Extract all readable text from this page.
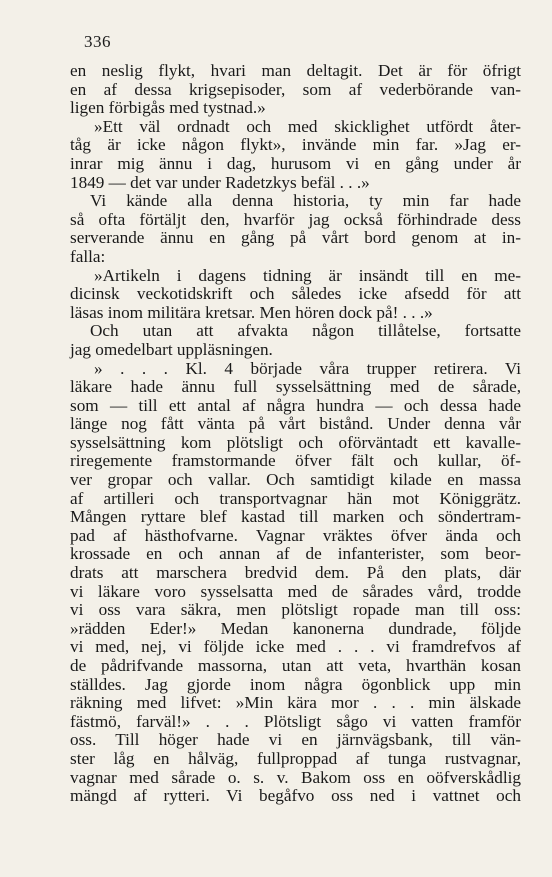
336
en neslig flykt, hvari man deltagit. Det är för öfrigt
en af dessa krigsepisoder, som af vederbörande van-
ligen förbigås med tystnad.»
»Ett väl ordnadt och med skicklighet utfördt åter-
tåg är icke någon flykt», invände min far. »Jag er-
inrar mig ännu i dag, hurusom vi en gång under år
1849 — det var under Radetzkys befäl . . .»
Vi kände alla denna historia, ty min far hade
så ofta förtäljt den, hvarför jag också förhindrade dess
serverande ännu en gång på vårt bord genom at in-
falla:
»Artikeln i dagens tidning är insändt till en me-
dicinsk veckotidskrift och således icke afsedd för att
läsas inom militära kretsar. Men hören dock på! . . .»
Och utan att afvakta någon tillåtelse, fortsatte
jag omedelbart uppläsningen.
» . . . Kl. 4 började våra trupper retirera. Vi
läkare hade ännu full sysselsättning med de sårade,
som — till ett antal af några hundra — och dessa hade
länge nog fått vänta på vårt bistånd. Under denna vår
sysselsättning kom plötsligt och oförväntadt ett kavalle-
riregemente framstormande öfver fält och kullar, öf-
ver gropar och vallar. Och samtidigt kilade en massa
af artilleri och transportvagnar hän mot Königgrätz.
Mången ryttare blef kastad till marken och söndertram-
pad af hästhofvarne. Vagnar vräktes öfver ända och
krossade en och annan af de infanterister, som beor-
drats att marschera bredvid dem. På den plats, där
vi läkare voro sysselsatta med de sårades vård, trodde
vi oss vara säkra, men plötsligt ropade man till oss:
»rädden Eder!» Medan kanonerna dundrade, följde
vi med, nej, vi följde icke med . . . vi framdrefvos af
de pådrifvande massorna, utan att veta, hvarthän kosan
ställdes. Jag gjorde inom några ögonblick upp min
räkning med lifvet: »Min kära mor . . . min älskade
fästmö, farväl!» . . . Plötsligt sågo vi vatten framför
oss. Till höger hade vi en järnvägsbank, till vän-
ster låg en hålväg, fullproppad af tunga rustvagnar,
vagnar med sårade o. s. v. Bakom oss en oöfverskådlig
mängd af rytteri. Vi begåfvo oss ned i vattnet och
